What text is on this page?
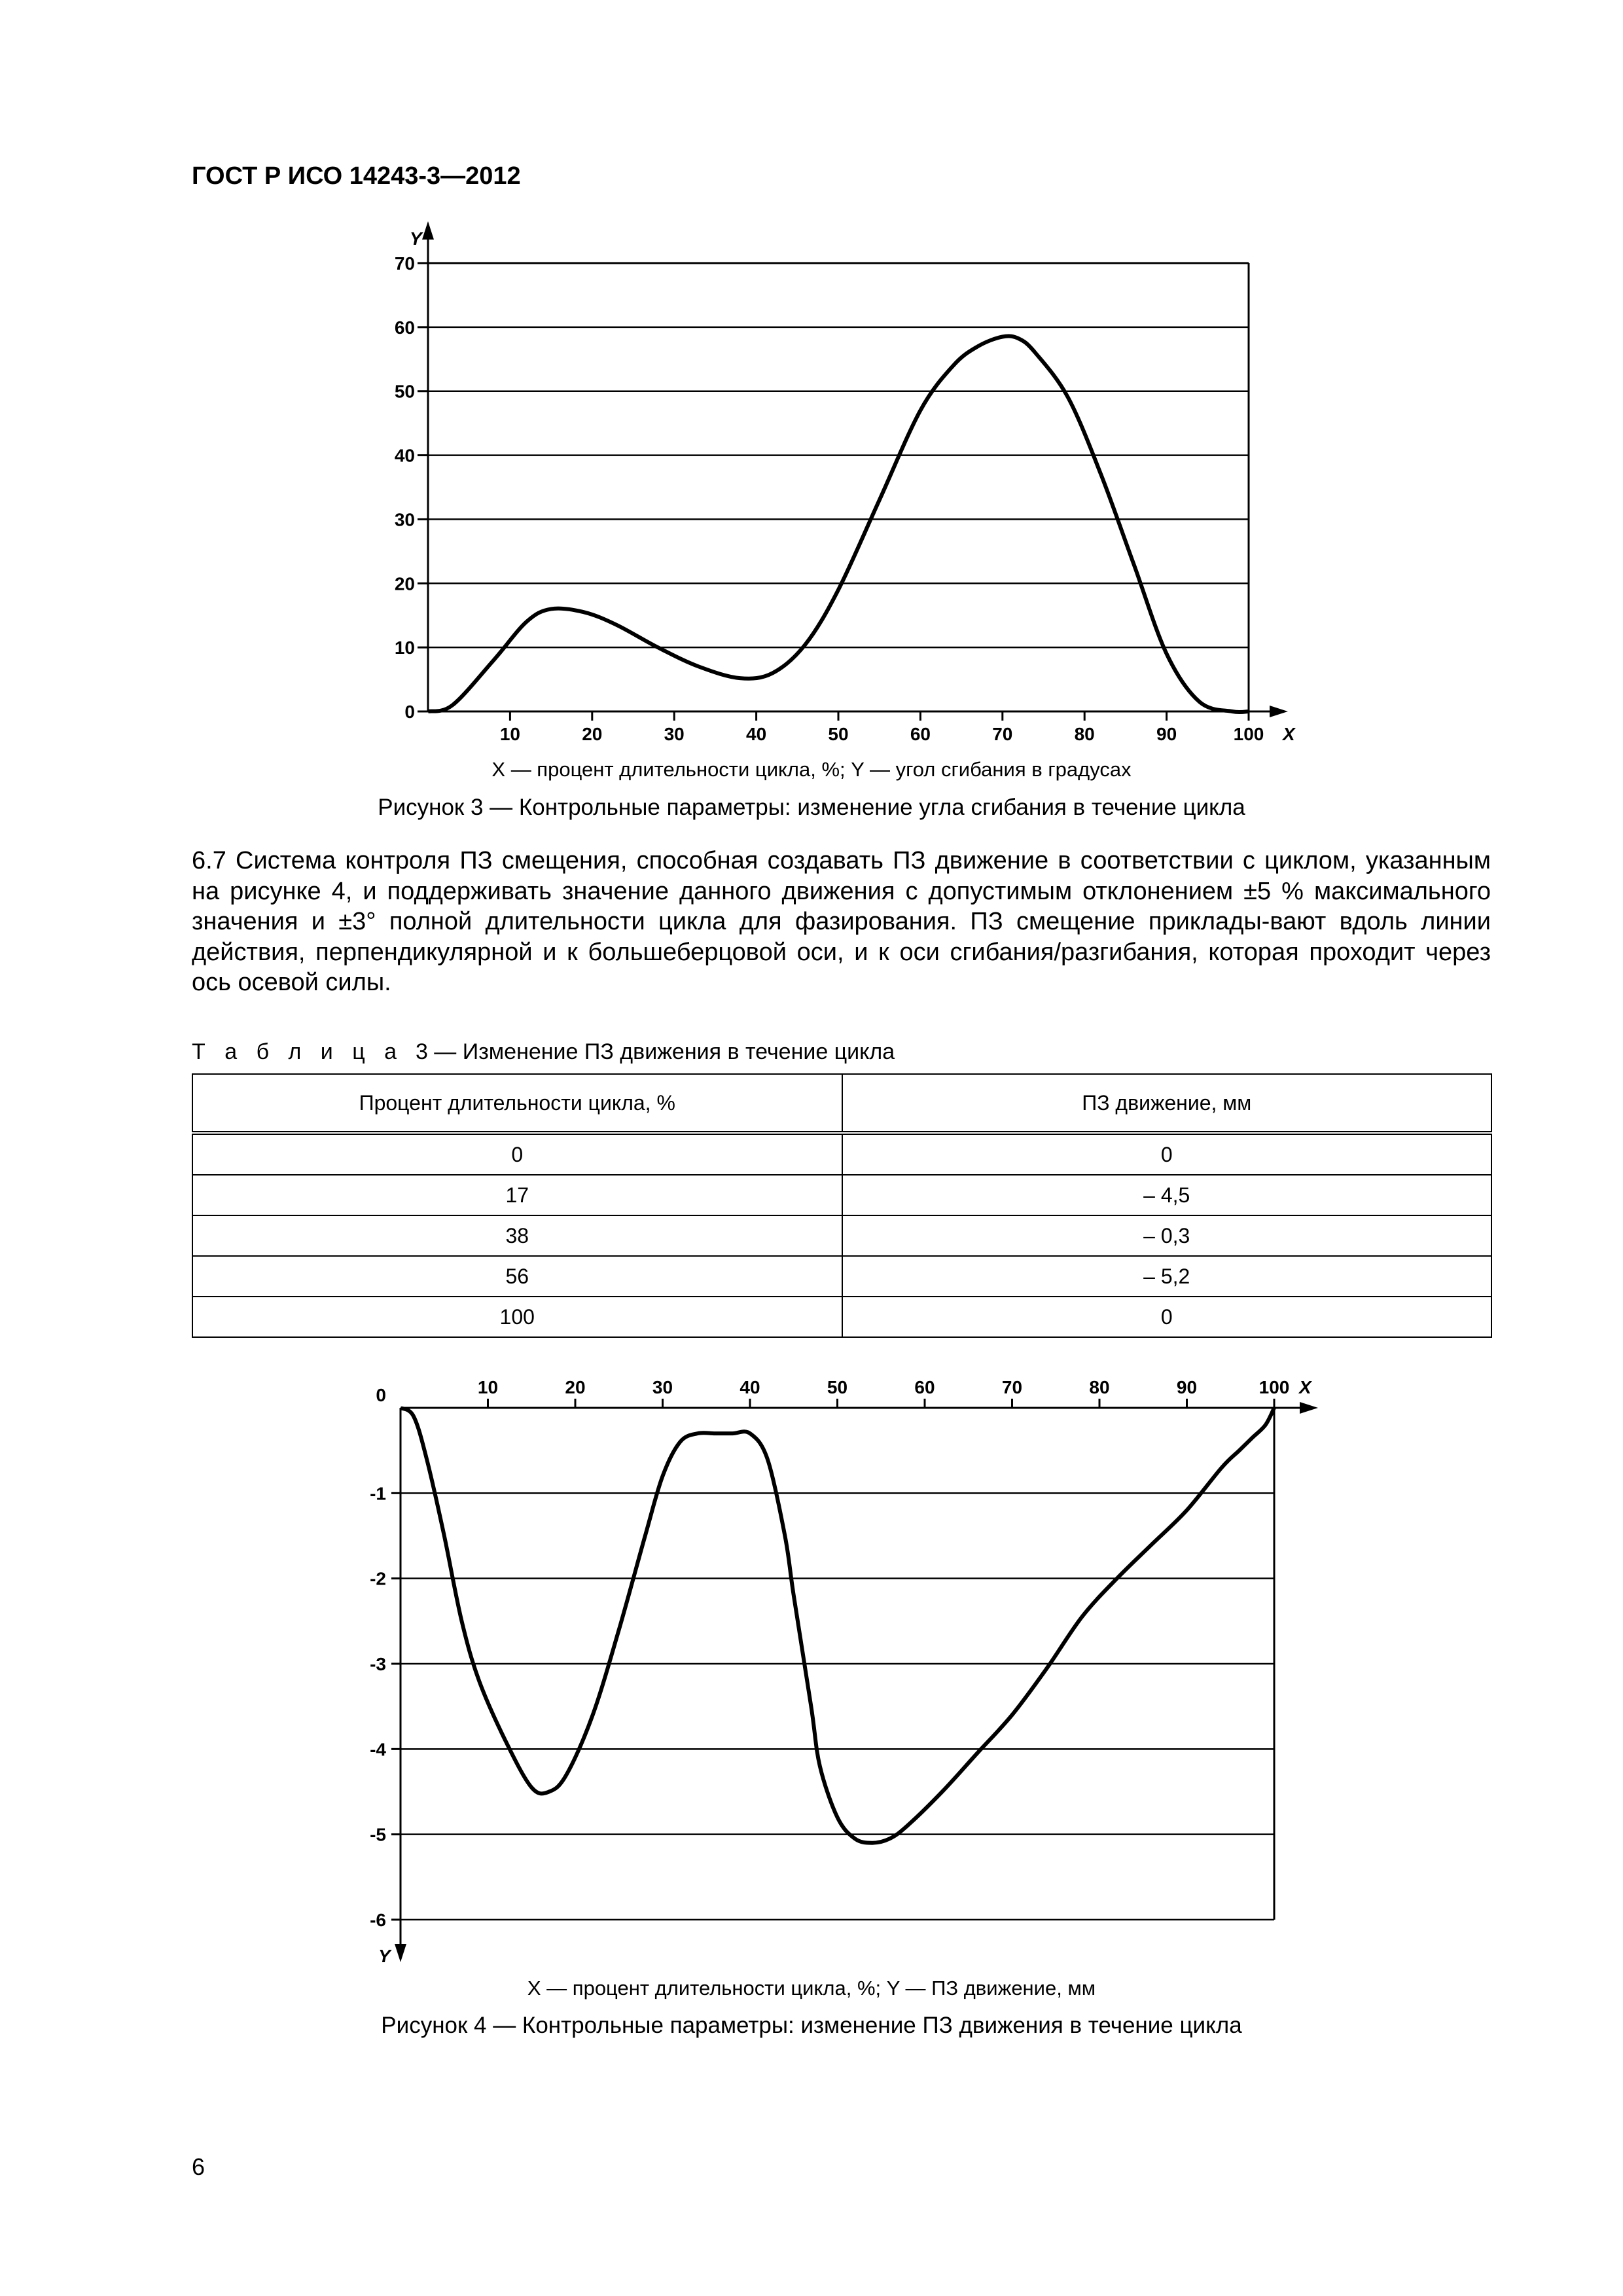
ГОСТ Р ИСО 14243-3—2012
0
10
20
30
40
50
60
70
10	20	30	40	50	60	70	80	90	100 X
Y
X — процент длительности цикла, %; Y — угол сгибания в градусах
Рисунок 3 — Контрольные параметры: изменение угла сгибания в течение цикла
6.7 Система контроля ПЗ смещения, способная создавать ПЗ движение в соответствии с циклом, указанным на рисунке 4, и поддерживать значение данного движения с допустимым отклонением ±5 % максимального значения и ±3° полной длительности цикла для фазирования. ПЗ смещение приклады-вают вдоль линии действия, перпендикулярной и к большеберцовой оси, и к оси сгибания/разгибания, которая проходит через ось осевой силы.
Т а б л и ц а 3 — Изменение ПЗ движения в течение цикла
Процент длительности цикла, %	ПЗ движение, мм
0	0
17	– 4,5
38	– 0,3
56	– 5,2
100	0
0
-1
-2
-3
-4
-5
-6
10	20	30	40	50	60	70	80	90	100 X
Y
X — процент длительности цикла, %; Y — ПЗ движение, мм
Рисунок 4 — Контрольные параметры: изменение ПЗ движения в течение цикла
6
